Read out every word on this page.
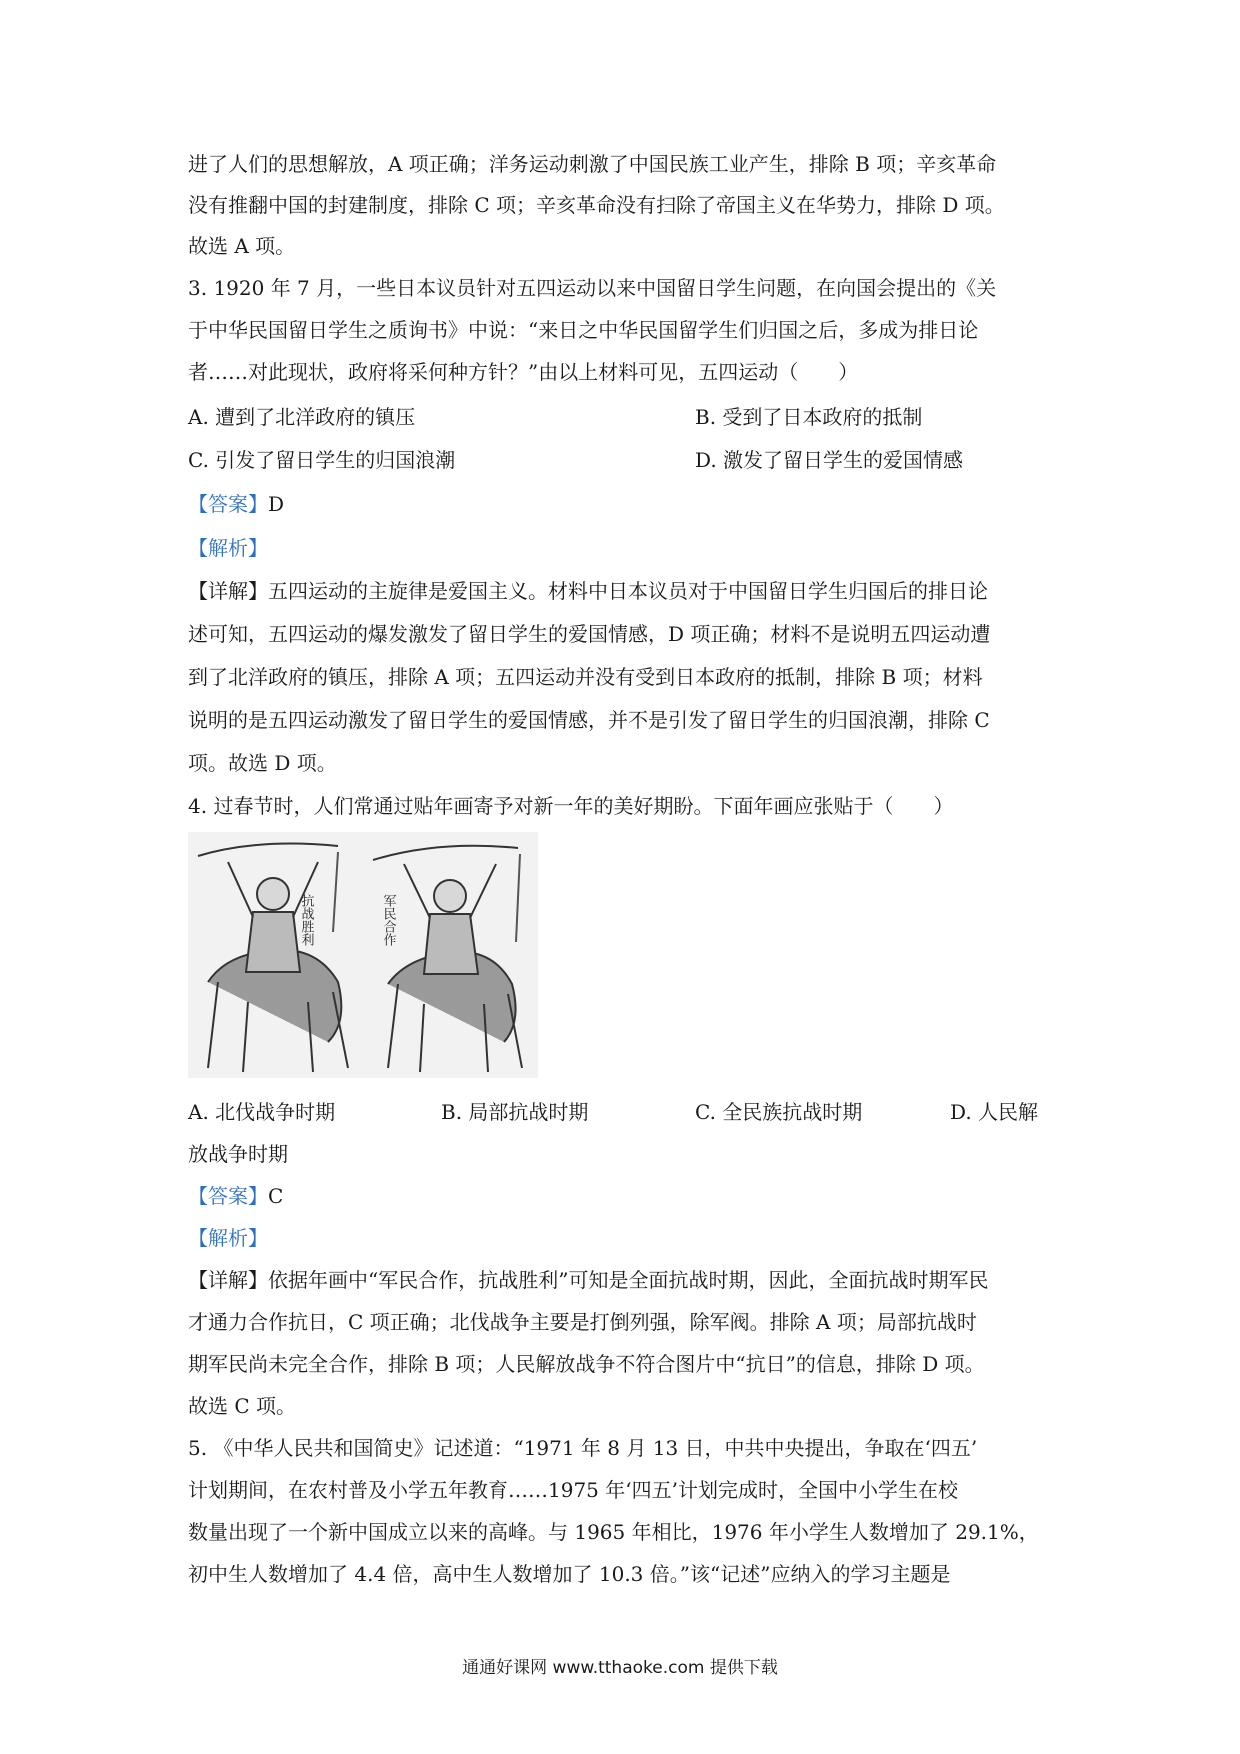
进了人们的思想解放，A 项正确；洋务运动刺激了中国民族工业产生，排除 B 项；辛亥革命
没有推翻中国的封建制度，排除 C 项；辛亥革命没有扫除了帝国主义在华势力，排除 D 项。
故选 A 项。
3. 1920 年 7 月，一些日本议员针对五四运动以来中国留日学生问题，在向国会提出的《关
于中华民国留日学生之质询书》中说：“来日之中华民国留学生们归国之后，多成为排日论
者……对此现状，政府将采何种方针？”由以上材料可见，五四运动（　　）
A. 遭到了北洋政府的镇压	B. 受到了日本政府的抵制
C. 引发了留日学生的归国浪潮	D. 激发了留日学生的爱国情感
【答案】D
【解析】
【详解】五四运动的主旋律是爱国主义。材料中日本议员对于中国留日学生归国后的排日论
述可知，五四运动的爆发激发了留日学生的爱国情感，D 项正确；材料不是说明五四运动遭
到了北洋政府的镇压，排除 A 项；五四运动并没有受到日本政府的抵制，排除 B 项；材料
说明的是五四运动激发了留日学生的爱国情感，并不是引发了留日学生的归国浪潮，排除 C
项。故选 D 项。
4. 过春节时，人们常通过贴年画寄予对新一年的美好期盼。下面年画应张贴于（　　）
抗战胜利	军民合作
A. 北伐战争时期	B. 局部抗战时期	C. 全民族抗战时期	D. 人民解
放战争时期
【答案】C
【解析】
【详解】依据年画中“军民合作，抗战胜利”可知是全面抗战时期，因此，全面抗战时期军民
才通力合作抗日，C 项正确；北伐战争主要是打倒列强，除军阀。排除 A 项；局部抗战时
期军民尚未完全合作，排除 B 项；人民解放战争不符合图片中“抗日”的信息，排除 D 项。
故选 C 项。
5. 《中华人民共和国简史》记述道：“1971 年 8 月 13 日，中共中央提出，争取在‘四五’
计划期间，在农村普及小学五年教育……1975 年‘四五’计划完成时，全国中小学生在校
数量出现了一个新中国成立以来的高峰。与 1965 年相比，1976 年小学生人数增加了 29.1%，
初中生人数增加了 4.4 倍，高中生人数增加了 10.3 倍。”该“记述”应纳入的学习主题是
通通好课网 www.tthaoke.com 提供下载
